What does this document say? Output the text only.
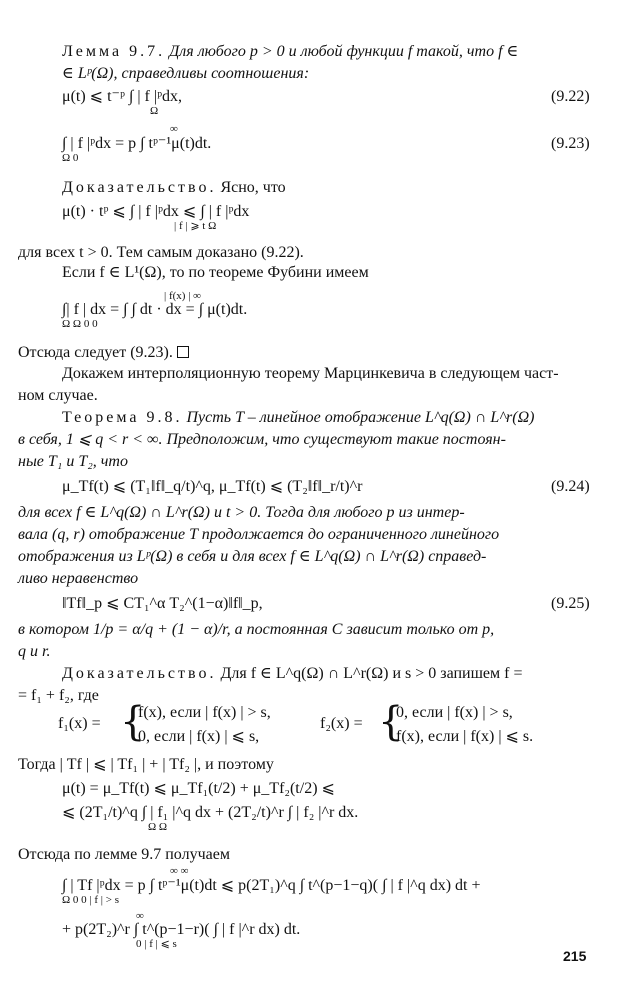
Лемма 9.7. Для любого p > 0 и любой функции f такой, что f ∈
∈ Lᵖ(Ω), справедливы соотношения:
μ(t) ⩽ t⁻ᵖ ∫ | f |ᵖdx,
Ω
(9.22)
∞
∫ | f |ᵖdx = p ∫ tᵖ⁻¹μ(t)dt.
Ω 0
(9.23)
Доказательство. Ясно, что
μ(t) · tᵖ ⩽ ∫ | f |ᵖdx ⩽ ∫ | f |ᵖdx
| f | ⩾ t Ω
для всех t > 0. Тем самым доказано (9.22).
Если f ∈ L¹(Ω), то по теореме Фубини имеем
| f(x) | ∞
∫| f | dx = ∫ ∫ dt · dx = ∫ μ(t)dt.
Ω Ω 0 0
Отсюда следует (9.23).
Докажем интерполяционную теорему Марцинкевича в следующем част-
ном случае.
Теорема 9.8. Пусть T – линейное отображение L^q(Ω) ∩ L^r(Ω)
в себя, 1 ⩽ q < r < ∞. Предположим, что существуют такие постоян-
ные T₁ и T₂, что
μ_Tf(t) ⩽ (T₁‖f‖_q/t)^q, μ_Tf(t) ⩽ (T₂‖f‖_r/t)^r	(9.24)
для всех f ∈ L^q(Ω) ∩ L^r(Ω) и t > 0. Тогда для любого p из интер-
вала (q, r) отображение T продолжается до ограниченного линейного
отображения из Lᵖ(Ω) в себя и для всех f ∈ L^q(Ω) ∩ L^r(Ω) справед-
ливо неравенство
‖Tf‖_p ⩽ CT₁^α T₂^(1−α)‖f‖_p,	(9.25)
в котором 1/p = α/q + (1 − α)/r, а постоянная C зависит только от p,
q и r.
Доказательство. Для f ∈ L^q(Ω) ∩ L^r(Ω) и s > 0 запишем f =
= f₁ + f₂, где
f₁(x) = {
f(x), если | f(x) | > s,
0, если | f(x) | ⩽ s,
f₂(x) = {
0, если | f(x) | > s,
f(x), если | f(x) | ⩽ s.
Тогда | Tf | ⩽ | Tf₁ | + | Tf₂ |, и поэтому
μ(t) = μ_Tf(t) ⩽ μ_Tf₁(t/2) + μ_Tf₂(t/2) ⩽
⩽ (2T₁/t)^q ∫ | f₁ |^q dx + (2T₂/t)^r ∫ | f₂ |^r dx.
Ω Ω
Отсюда по лемме 9.7 получаем
∞ ∞
∫ | Tf |ᵖdx = p ∫ tᵖ⁻¹μ(t)dt ⩽ p(2T₁)^q ∫ t^(p−1−q)( ∫ | f |^q dx) dt +
Ω 0 0 | f | > s
∞
+ p(2T₂)^r ∫ t^(p−1−r)( ∫ | f |^r dx) dt.
0 | f | ⩽ s
215
